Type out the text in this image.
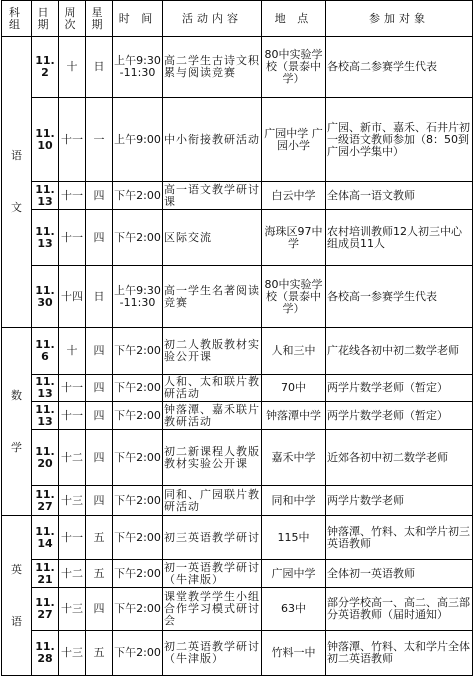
科组	日期	周次	星期	时 间	活动内容	地 点	参加对象

语
文	11.2	十	日	上午9:30-11:30	高二学生古诗文积累与阅读竞赛	80中实验学校（景泰中学）	各校高二参赛学生代表
	11.10	十一	一	上午9:00	中小衔接教研活动	广园中学 广园小学	广园、新市、嘉禾、石井片初一级语文教师参加（8：50到广园小学集中）
	11.13	十一	四	下午2:00	高一语文教学研讨课	白云中学	全体高一语文教师
	11.13	十一	四	下午2:00	区际交流	海珠区97中学	农村培训教师12人初三中心组成员11人
	11.30	十四	日	上午9:30-11:30	高一学生名著阅读竞赛	80中实验学校（景泰中学）	各校高一参赛学生代表

数
学	11.6	十	四	下午2:00	初二人教版教材实验公开课	人和三中	广花线各初中初二数学老师
	11.13	十一	四	下午2:00	人和、太和联片教研活动	70中	两学片数学老师（暂定）
	11.13	十一	四	下午2:00	钟落潭、嘉禾联片教研活动	钟落潭中学	两学片数学老师（暂定）
	11.20	十二	四	下午2:00	初二新课程人教版教材实验公开课	嘉禾中学	近郊各初中初二数学老师
	11.27	十三	四	下午2:00	同和、广园联片教研活动	同和中学	两学片数学老师

英
语	11.14	十一	五	下午2:00	初三英语教学研讨	115中	钟落潭、竹料、太和学片初三英语教师
	11.21	十二	五	下午2:00	初一英语教学研讨（牛津版）	广园中学	全体初一英语教师
	11.27	十三	四	下午2:00	课堂教学学生小组合作学习模式研讨会	63中	部分学校高一、高二、高三部分英语教师（届时通知）
	11.28	十三	五	下午2:00	初二英语教学研讨（牛津版）	竹料一中	钟落潭、竹料、太和学片全体初二英语教师
